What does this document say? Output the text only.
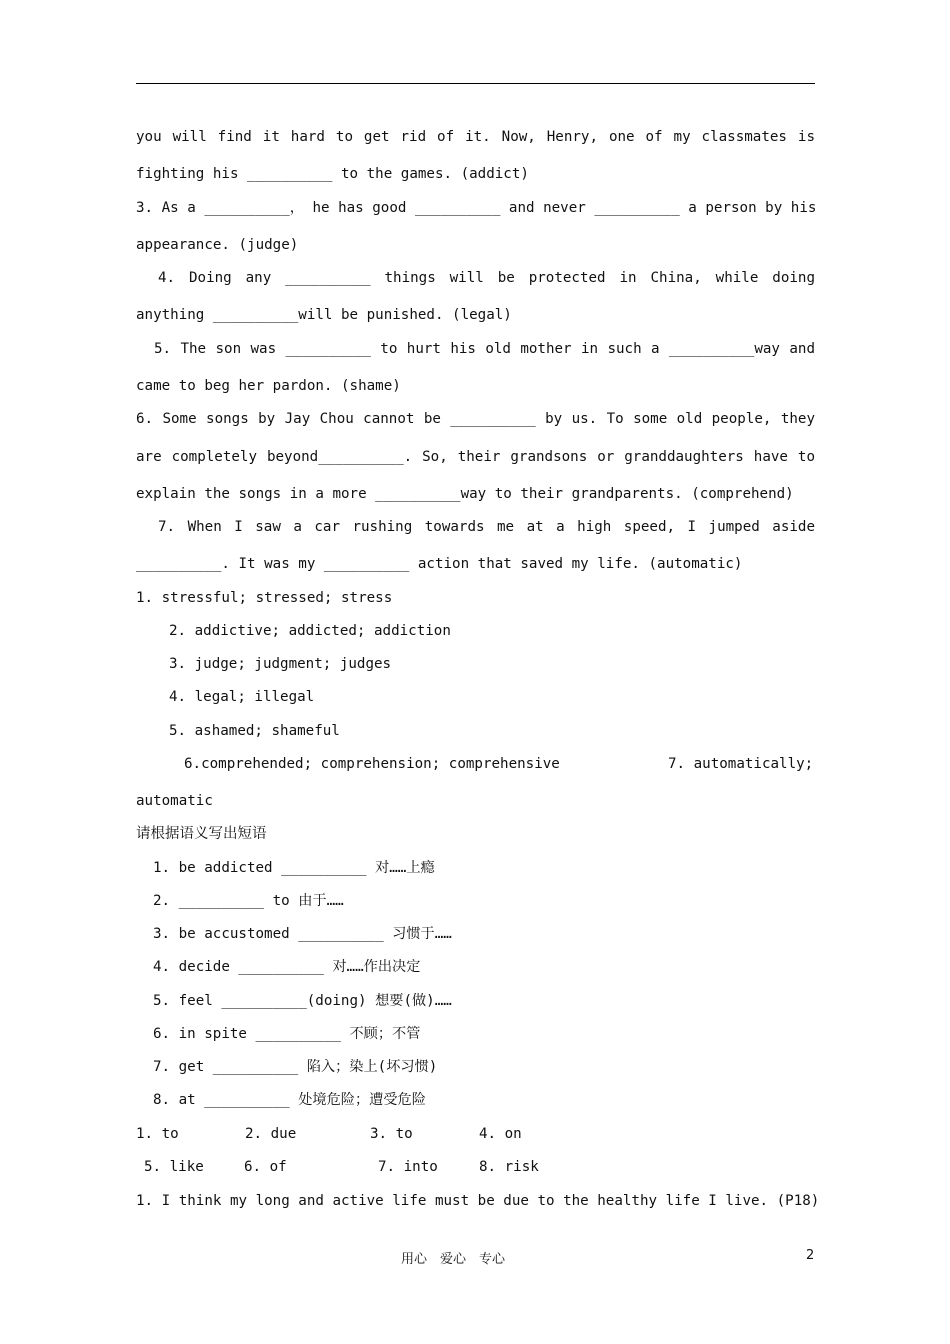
you will find it hard to get rid of it. Now, Henry, one of my classmates is
fighting his __________ to the games. (addict)
3. As a __________， he has good __________ and never __________ a person by his
appearance. (judge)
4. Doing any __________ things will be protected in China, while doing
anything __________will be punished. (legal)
5. The son was __________ to hurt his old mother in such a __________way and
came to beg her pardon. (shame)
6. Some songs by Jay Chou cannot be __________ by us. To some old people, they
are completely beyond__________. So, their grandsons or granddaughters have to
explain the songs in a more __________way to their grandparents. (comprehend)
7. When I saw a car rushing towards me at a high speed, I jumped aside
__________. It was my __________ action that saved my life. (automatic)
1. stressful; stressed; stress
2. addictive; addicted; addiction
3. judge; judgment; judges
4. legal; illegal
5. ashamed; shameful
6.comprehended; comprehension; comprehensive	7. automatically;
automatic
请根据语义写出短语
1. be addicted __________ 对……上瘾
2. __________ to 由于……
3. be accustomed __________ 习惯于……
4. decide __________ 对……作出决定
5. feel __________(doing) 想要(做)……
6. in spite __________ 不顾；不管
7. get __________ 陷入；染上(坏习惯)
8. at __________ 处境危险；遭受危险
1. to	2. due	3. to	4. on
5. like	6. of	7. into	8. risk
1. I think my long and active life must be due to the healthy life I live. (P18)
用心　爱心　专心	2
